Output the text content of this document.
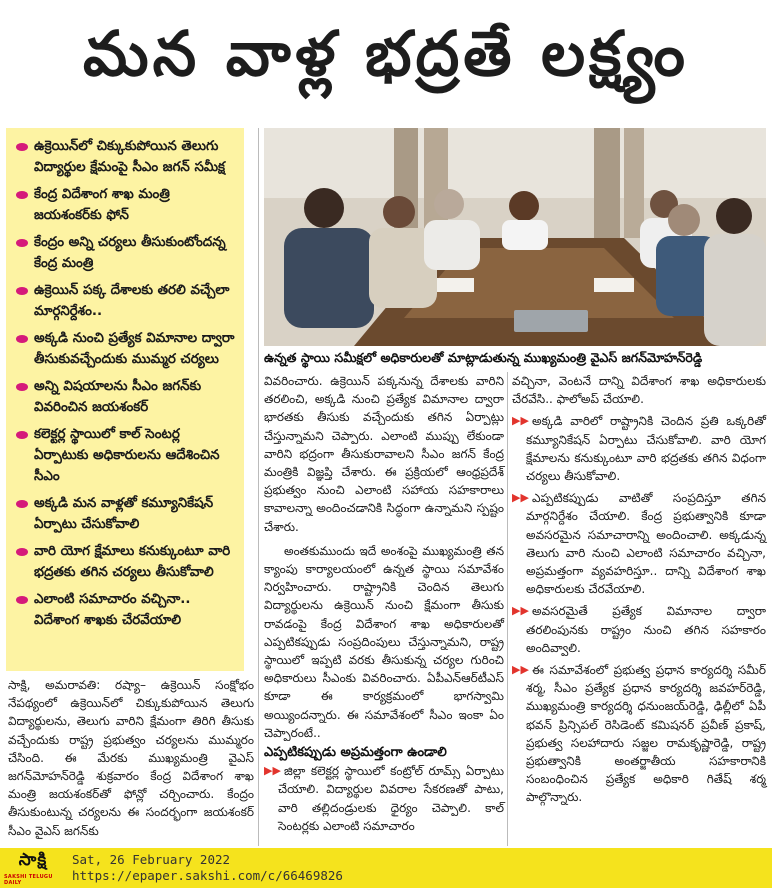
మన వాళ్ల భద్రతే లక్ష్యం
ఉక్రెయిన్‌లో చిక్కుకుపోయిన తెలుగు విద్యార్థుల క్షేమంపై సీఎం జగన్‌ సమీక్ష
కేంద్ర విదేశాంగ శాఖ మంత్రి జయశంకర్‌కు ఫోన్‌
కేంద్రం అన్ని చర్యలు తీసుకుంటోందన్న కేంద్ర మంత్రి
ఉక్రెయిన్‌ పక్క దేశాలకు తరలి వచ్చేలా మార్గనిర్దేశం..
అక్కడి నుంచి ప్రత్యేక విమానాల ద్వారా తీసుకువచ్చేందుకు ముమ్మర చర్యలు
అన్ని విషయాలను సీఎం జగన్‌కు వివరించిన జయశంకర్‌
కలెక్టర్ల స్థాయిలో కాల్‌ సెంటర్ల ఏర్పాటుకు అధికారులను ఆదేశించిన సీఎం
అక్కడి మన వాళ్లతో కమ్యూనికేషన్‌ ఏర్పాటు చేసుకోవాలి
వారి యోగ క్షేమాలు కనుక్కుంటూ వారి భద్రతకు తగిన చర్యలు తీసుకోవాలి
ఎలాంటి సమాచారం వచ్చినా.. విదేశాంగ శాఖకు చేరవేయాలి
ఉన్నత స్థాయి సమీక్షలో అధికారులతో మాట్లాడుతున్న ముఖ్యమంత్రి వైఎస్‌ జగన్‌మోహన్‌రెడ్డి

సాక్షి, అమరావతి: రష్యా– ఉక్రెయిన్‌ సంక్షోభం నేపథ్యంలో ఉక్రెయిన్‌లో చిక్కుకుపోయిన తెలుగు విద్యార్థులను, తెలుగు వారిని క్షేమంగా తిరిగి తీసుకు వచ్చేందుకు రాష్ట్ర ప్రభుత్వం చర్యలను ముమ్మరం చేసింది. ఈ మేరకు ముఖ్యమంత్రి వైఎస్‌ జగన్‌మోహన్‌రెడ్డి శుక్రవారం కేంద్ర విదేశాంగ శాఖ మంత్రి జయశంకర్‌తో ఫోన్లో చర్చించారు. కేంద్రం తీసుకుంటున్న చర్యలను ఈ సందర్భంగా జయశంకర్‌ సీఎం వైఎస్‌ జగన్‌కు

వివరించారు. ఉక్రెయిన్‌ పక్కనున్న దేశాలకు వారిని తరలించి, అక్కడి నుంచి ప్రత్యేక విమానాల ద్వారా భారతకు తీసుకు వచ్చేందుకు తగిన ఏర్పాట్లు చేస్తున్నామని చెప్పారు. ఎలాంటి ముప్పు లేకుండా వారిని భద్రంగా తీసుకురావాలని సీఎం జగన్‌ కేంద్ర మంత్రికి విజ్ఞప్తి చేశారు. ఈ ప్రక్రియలో ఆంధ్రప్రదేశ్‌ ప్రభుత్వం నుంచి ఎలాంటి సహాయ సహకారాలు కావాలన్నా అందించడానికి సిద్ధంగా ఉన్నామని స్పష్టం చేశారు.

అంతకుముందు ఇదే అంశంపై ముఖ్యమంత్రి తన క్యాంపు కార్యాలయంలో ఉన్నత స్థాయి సమావేశం నిర్వహించారు. రాష్ట్రానికి చెందిన తెలుగు విద్యార్థులను ఉక్రెయిన్‌ నుంచి క్షేమంగా తీసుకు రావడంపై కేంద్ర విదేశాంగ శాఖ అధికారులతో ఎప్పటికప్పుడు సంప్రదింపులు చేస్తున్నామని, రాష్ట్ర స్థాయిలో ఇప్పటి వరకు తీసుకున్న చర్యల గురించి అధికారులు సీఎంకు వివరించారు. ఏపీఎన్‌ఆర్‌టీఎస్‌ కూడా ఈ కార్యక్రమంలో భాగస్వామి అయ్యిందన్నారు. ఈ సమావేశంలో సీఎం ఇంకా ఏం చెప్పారంటే..

ఎప్పటికప్పుడు అప్రమత్తంగా ఉండాలి

▶▶ జిల్లా కలెక్టర్ల స్థాయిలో కంట్రోల్‌ రూమ్స్‌ ఏర్పాటు చేయాలి. విద్యార్థుల వివరాల సేకరణతో పాటు, వారి తల్లిదండ్రులకు ధైర్యం చెప్పాలి. కాల్‌ సెంటర్లకు ఎలాంటి సమాచారం

వచ్చినా, వెంటనే దాన్ని విదేశాంగ శాఖ అధికారులకు చేరవేసి.. ఫాలోఅప్‌ చేయాలి.

▶▶ అక్కడి వారిలో రాష్ట్రానికి చెందిన ప్రతి ఒక్కరితో కమ్యూనికేషన్‌ ఏర్పాటు చేసుకోవాలి. వారి యోగ క్షేమాలను కనుక్కుంటూ వారి భద్రతకు తగిన విధంగా చర్యలు తీసుకోవాలి.

▶▶ ఎప్పటికప్పుడు వాటితో సంప్రదిస్తూ తగిన మార్గనిర్దేశం చేయాలి. కేంద్ర ప్రభుత్వానికి కూడా అవసరమైన సమాచారాన్ని అందించాలి. అక్కడున్న తెలుగు వారి నుంచి ఎలాంటి సమాచారం వచ్చినా, అప్రమత్తంగా వ్యవహరిస్తూ.. దాన్ని విదేశాంగ శాఖ అధికారులకు చేరవేయాలి.

▶▶ అవసరమైతే ప్రత్యేక విమానాల ద్వారా తరలింపునకు రాష్ట్రం నుంచి తగిన సహకారం అందివ్వాలి.

▶▶ ఈ సమావేశంలో ప్రభుత్వ ప్రధాన కార్యదర్శి సమీర్‌ శర్మ, సీఎం ప్రత్యేక ప్రధాన కార్యదర్శి జవహర్‌రెడ్డి, ముఖ్యమంత్రి కార్యదర్శి ధనుంజయ్‌రెడ్డి, ఢిల్లీలో ఏపీ భవన్‌ ప్రిన్సిపల్‌ రెసిడెంట్‌ కమిషనర్‌ ప్రవీణ్‌ ప్రకాష్‌, ప్రభుత్వ సలహాదారు సజ్జల రామకృష్ణారెడ్డి, రాష్ట్ర ప్రభుత్వానికి అంతర్జాతీయ సహకారానికి సంబంధించిన ప్రత్యేక అధికారి గితేష్‌ శర్మ పాల్గొన్నారు.

సాక్షి
SAKSHI TELUGU DAILY
Sat, 26 February 2022
https://epaper.sakshi.com/c/66469826
